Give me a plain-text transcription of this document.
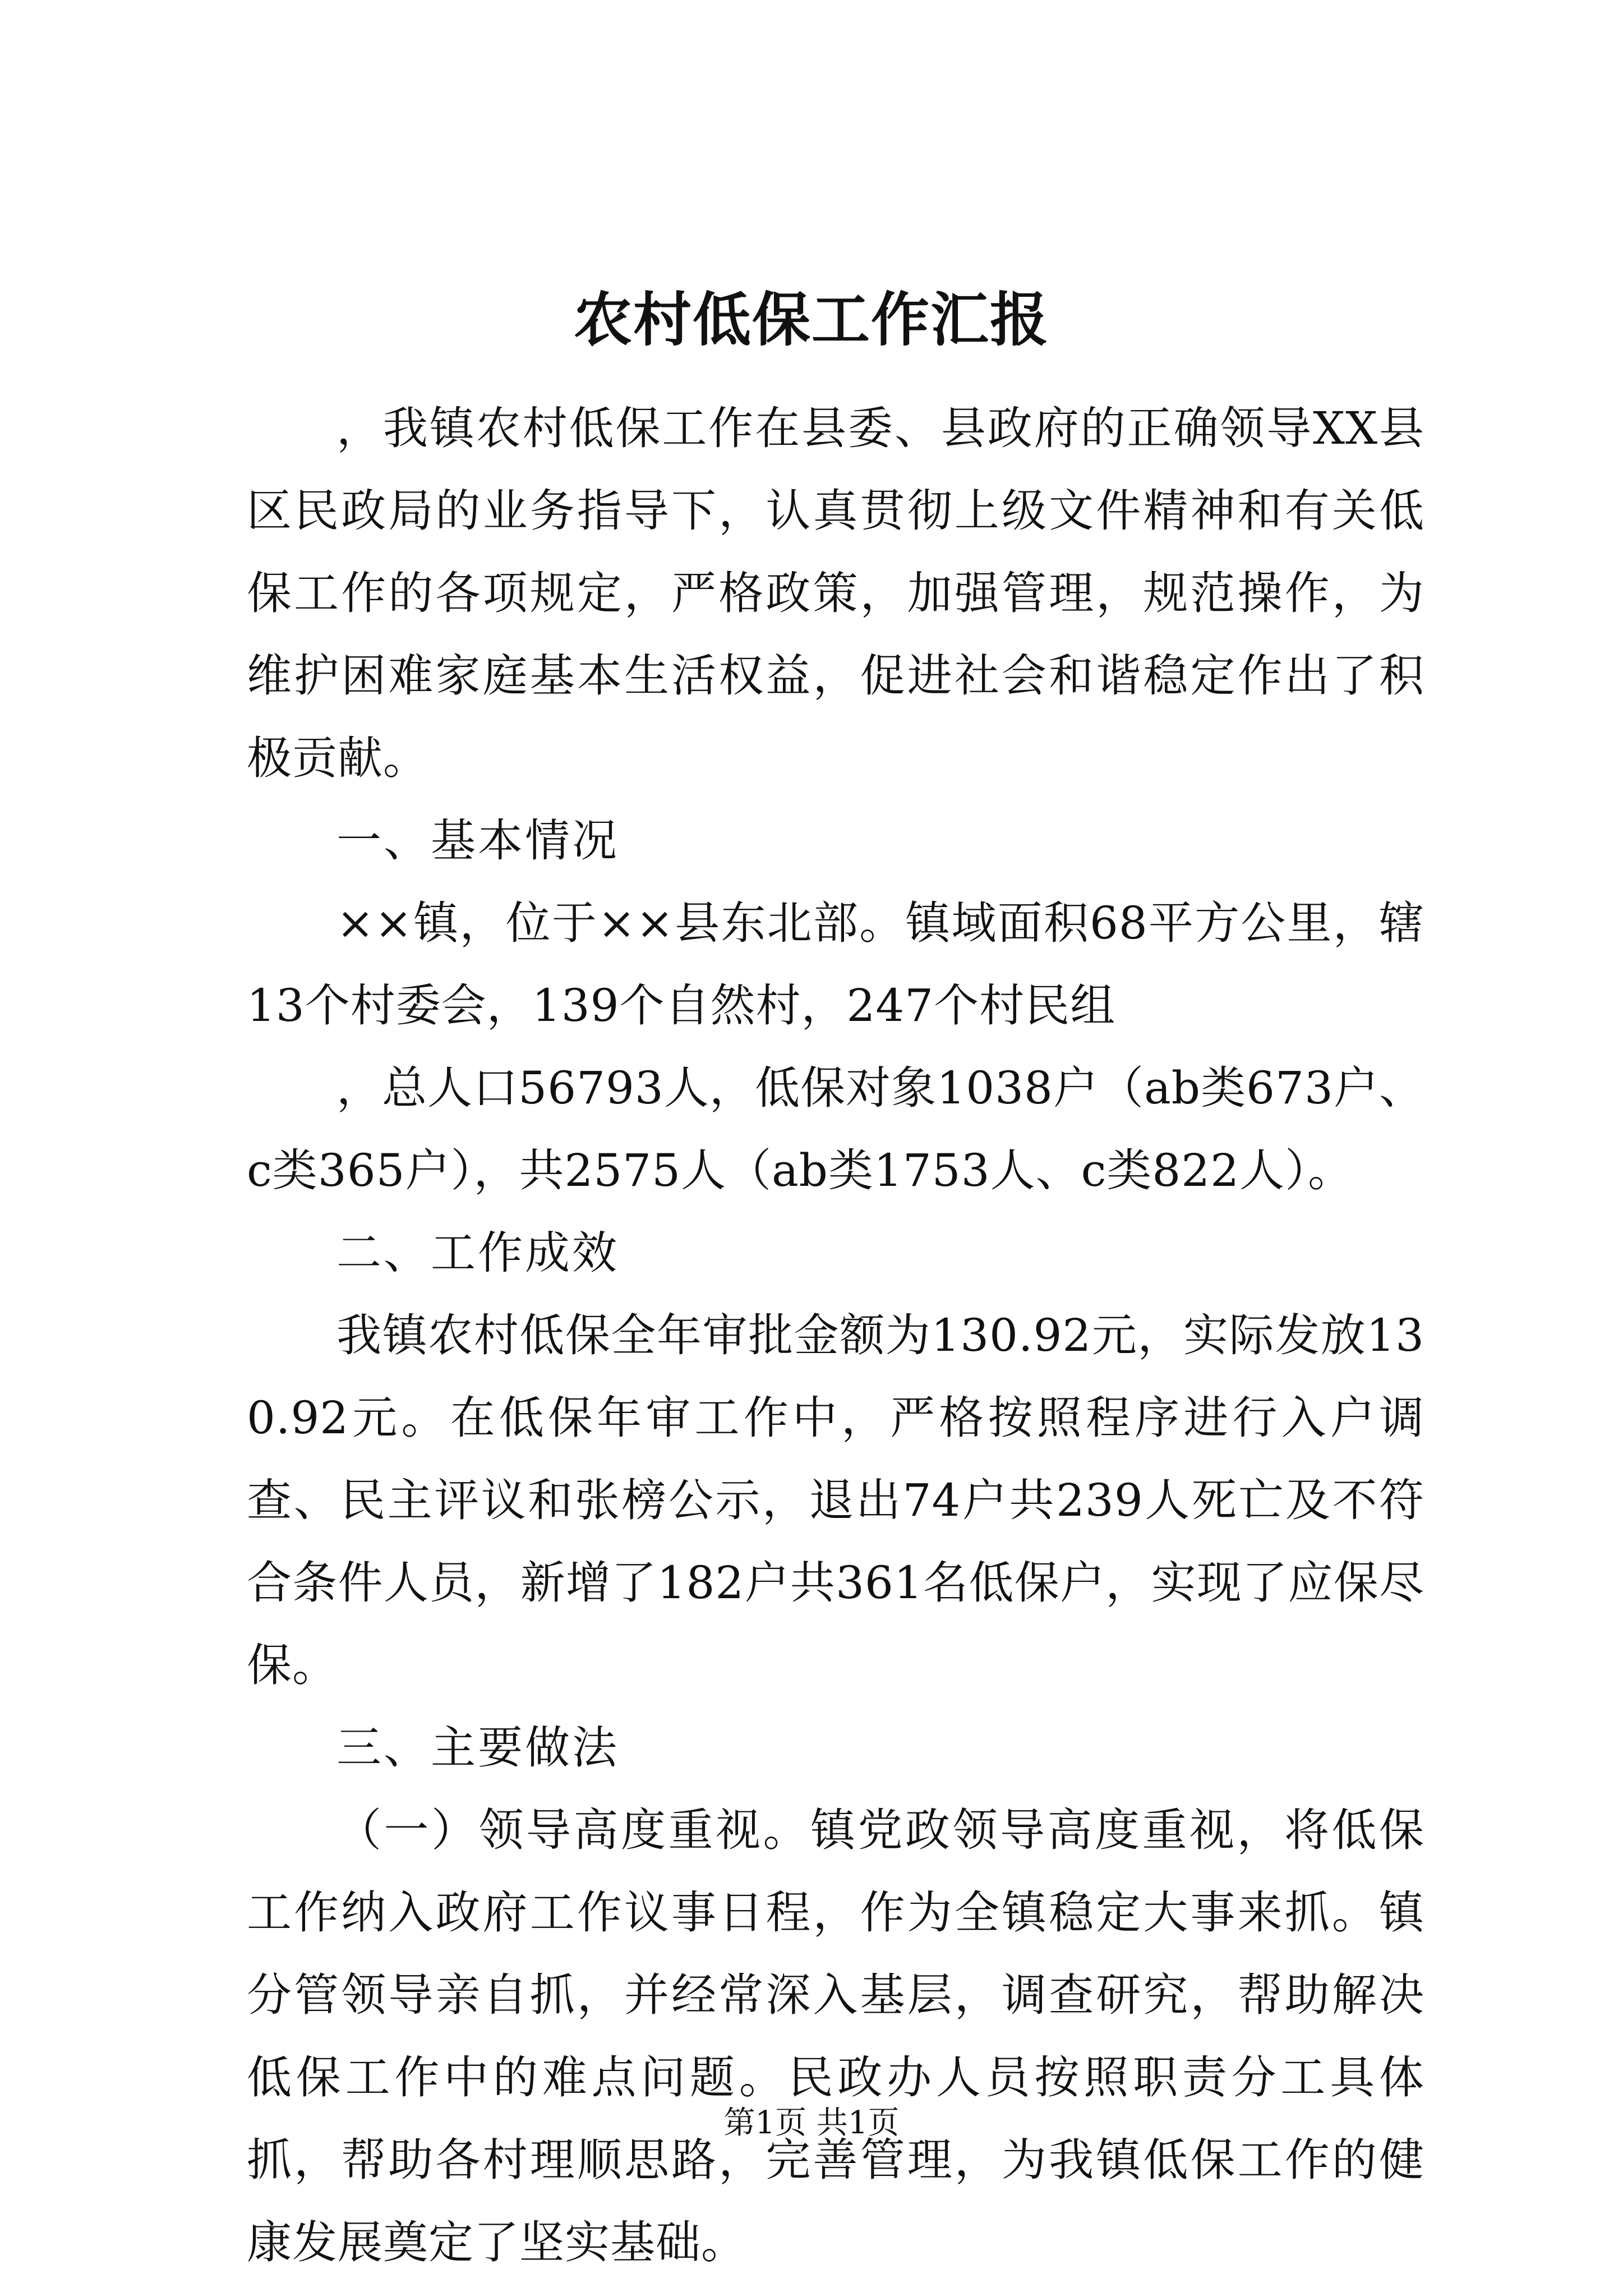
农村低保工作汇报

，我镇农村低保工作在县委、县政府的正确领导XX县区民政局的业务指导下，认真贯彻上级文件精神和有关低保工作的各项规定，严格政策，加强管理，规范操作，为维护困难家庭基本生活权益，促进社会和谐稳定作出了积极贡献。

一、基本情况

××镇，位于××县东北部。镇域面积68平方公里，辖13个村委会，139个自然村，247个村民组

，总人口56793人，低保对象1038户（ab类673户、c类365户），共2575人（ab类1753人、c类822人）。

二、工作成效

我镇农村低保全年审批金额为130.92元，实际发放130.92元。在低保年审工作中，严格按照程序进行入户调查、民主评议和张榜公示，退出74户共239人死亡及不符合条件人员，新增了182户共361名低保户，实现了应保尽保。

三、主要做法

（一）领导高度重视。镇党政领导高度重视，将低保工作纳入政府工作议事日程，作为全镇稳定大事来抓。镇分管领导亲自抓，并经常深入基层，调查研究，帮助解决低保工作中的难点问题。民政办人员按照职责分工具体抓，帮助各村理顺思路，完善管理，为我镇低保工作的健康发展奠定了坚实基础。

第1页 共1页
